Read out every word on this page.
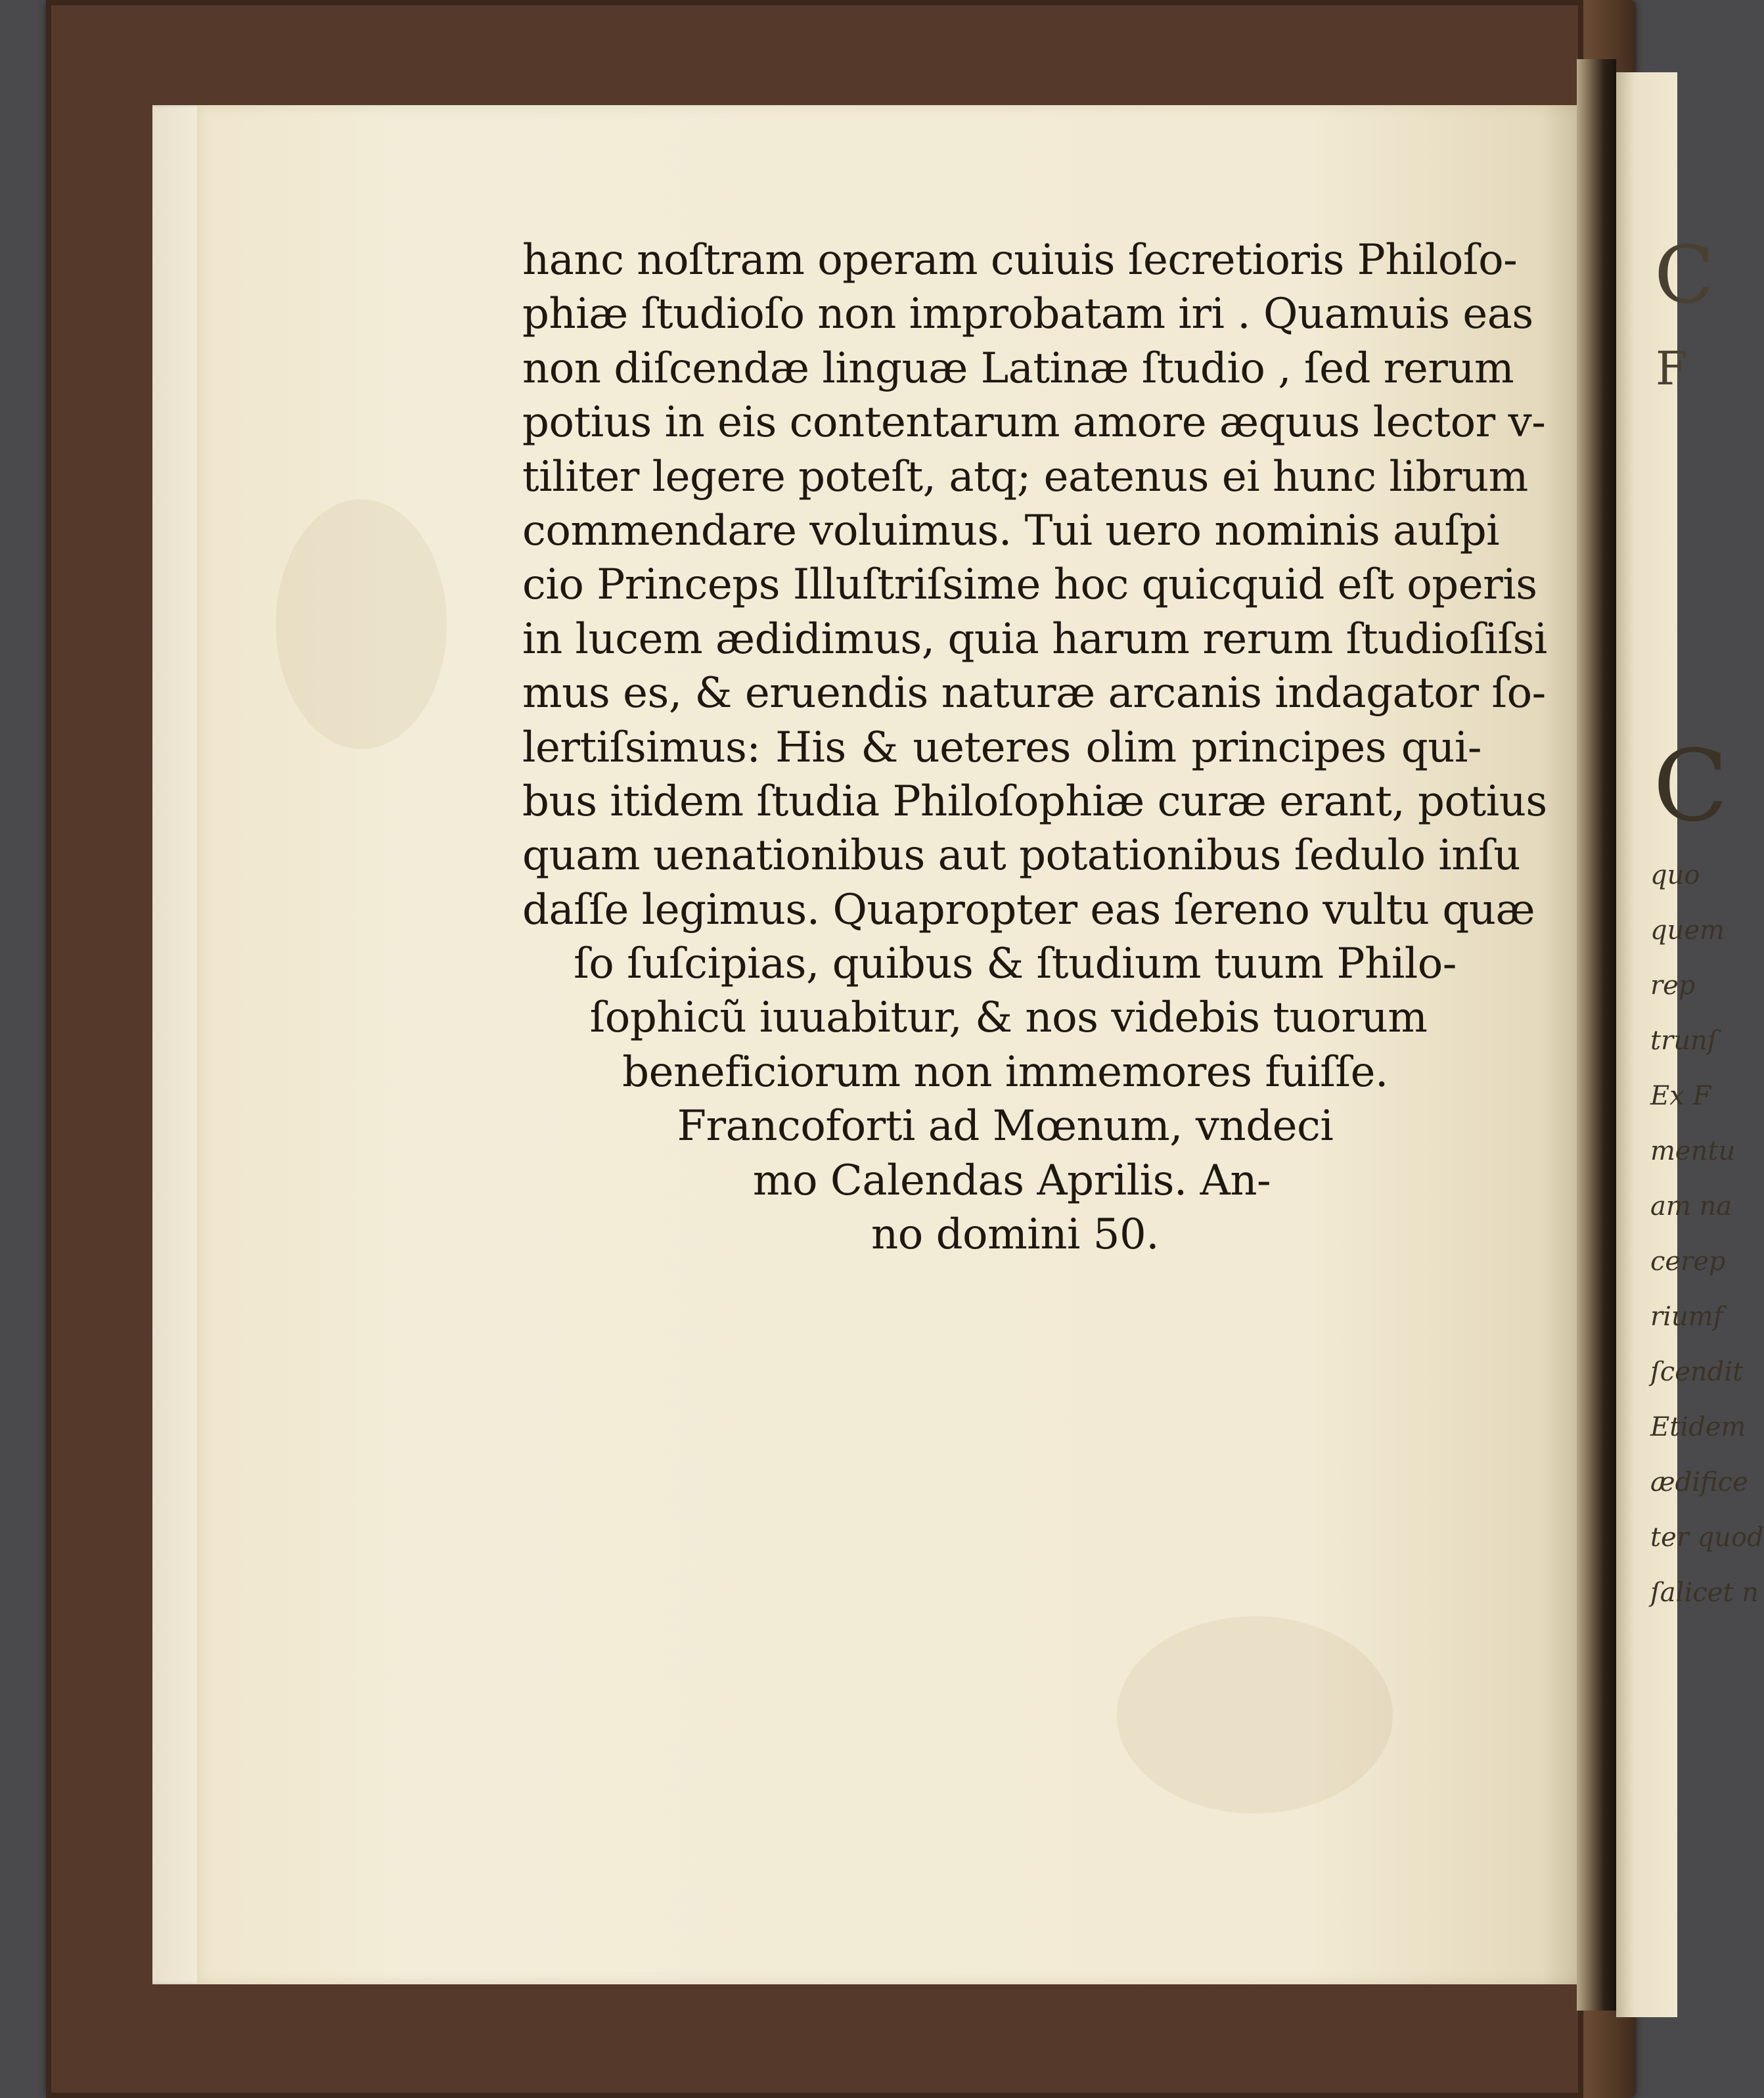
hanc noſtram operam cuiuis ſecretioris Philoſo-
phiæ ſtudioſo non improbatam iri . Quamuis eas
non diſcendæ linguæ Latinæ ſtudio , ſed rerum
potius in eis contentarum amore æquus lector v-
tiliter legere poteſt, atq; eatenus ei hunc librum
commendare voluimus. Tui uero nominis auſpi
cio Princeps Illuſtriſsime hoc quicquid eſt operis
in lucem ædidimus, quia harum rerum ſtudioſiſsi
mus es, & eruendis naturæ arcanis indagator ſo-
lertiſsimus: His & ueteres olim principes qui-
bus itidem ſtudia Philoſophiæ curæ erant, potius
quam uenationibus aut potationibus ſedulo inſu
daſſe legimus. Quapropter eas ſereno vultu quæ
ſo ſuſcipias, quibus & ſtudium tuum Philo-
ſophicũ iuuabitur, & nos videbis tuorum
beneficiorum non immemores fuiſſe.
Francoforti ad Mœnum, vndeci
mo Calendas Aprilis. An-
no domini 50.
C
F
C
quo
quem
rep
trunſ
Ex F
mentu
am na
cerep
riumf
ſcendit
Etidem
ædifice
ter quod
ſalicet n
